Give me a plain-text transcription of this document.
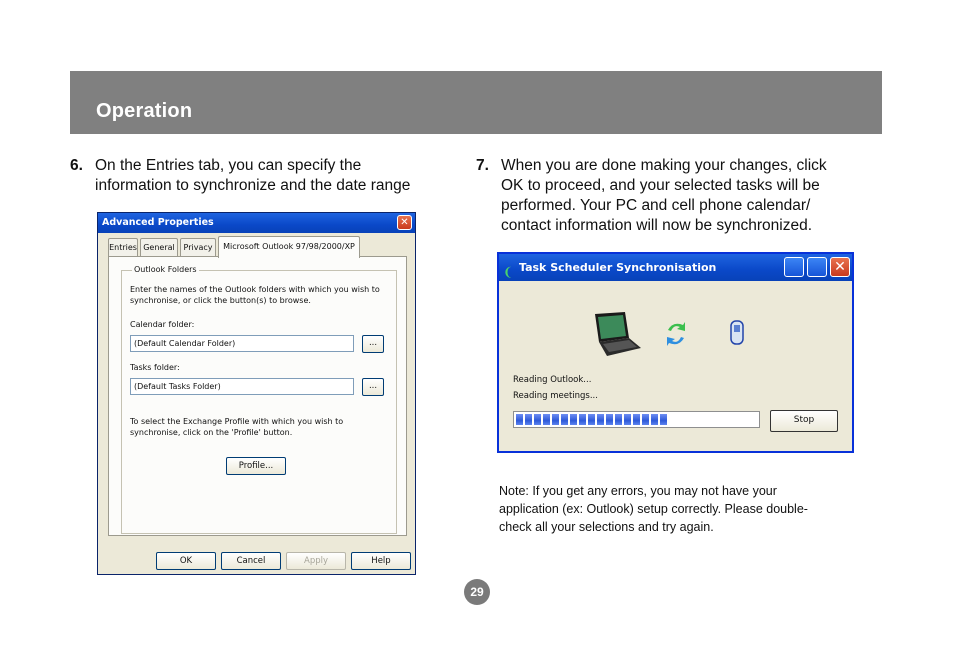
Operation
6. On the Entries tab, you can specify the
information to synchronize and the date range
7. When you are done making your changes, click
OK to proceed, and your selected tasks will be
performed. Your PC and cell phone calendar/
contact information will now be synchronized.
Advanced Properties	✕
Entries General	Privacy	Microsoft Outlook 97/98/2000/XP
Outlook Folders
Enter the names of the Outlook folders with which you wish to
synchronise, or click the button(s) to browse.
Calendar folder:
(Default Calendar Folder)	...
Tasks folder:
(Default Tasks Folder)	...
To select the Exchange Profile with which you wish to
synchronise, click on the 'Profile' button.
Profile...
OK	Cancel	Apply	Help
❨ Task Scheduler Synchronisation	✕
Reading Outlook...
Reading meetings...
Stop
Note: If you get any errors, you may not have your
application (ex: Outlook) setup correctly. Please double-
check all your selections and try again.
29
